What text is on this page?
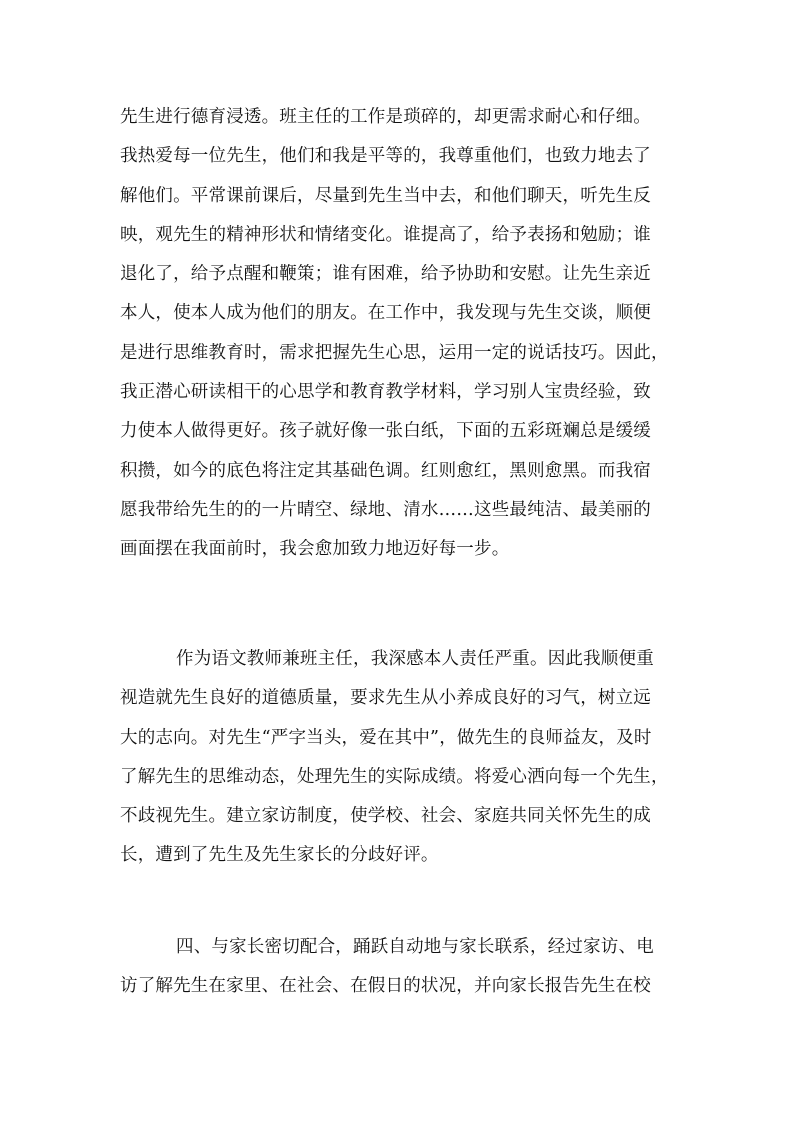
先生进行德育浸透。班主任的工作是琐碎的，却更需求耐心和仔细。
我热爱每一位先生，他们和我是平等的，我尊重他们，也致力地去了
解他们。平常课前课后，尽量到先生当中去，和他们聊天，听先生反
映，观先生的精神形状和情绪变化。谁提高了，给予表扬和勉励；谁
退化了，给予点醒和鞭策；谁有困难，给予协助和安慰。让先生亲近
本人，使本人成为他们的朋友。在工作中，我发现与先生交谈，顺便
是进行思维教育时，需求把握先生心思，运用一定的说话技巧。因此，
我正潜心研读相干的心思学和教育教学材料，学习别人宝贵经验，致
力使本人做得更好。孩子就好像一张白纸，下面的五彩斑斓总是缓缓
积攒，如今的底色将注定其基础色调。红则愈红，黑则愈黑。而我宿
愿我带给先生的的一片晴空、绿地、清水……这些最纯洁、最美丽的
画面摆在我面前时，我会愈加致力地迈好每一步。
作为语文教师兼班主任，我深感本人责任严重。因此我顺便重
视造就先生良好的道德质量，要求先生从小养成良好的习气，树立远
大的志向。对先生“严字当头，爱在其中”，做先生的良师益友，及时
了解先生的思维动态，处理先生的实际成绩。将爱心洒向每一个先生，
不歧视先生。建立家访制度，使学校、社会、家庭共同关怀先生的成
长，遭到了先生及先生家长的分歧好评。
四、与家长密切配合，踊跃自动地与家长联系，经过家访、电
访了解先生在家里、在社会、在假日的状况，并向家长报告先生在校
